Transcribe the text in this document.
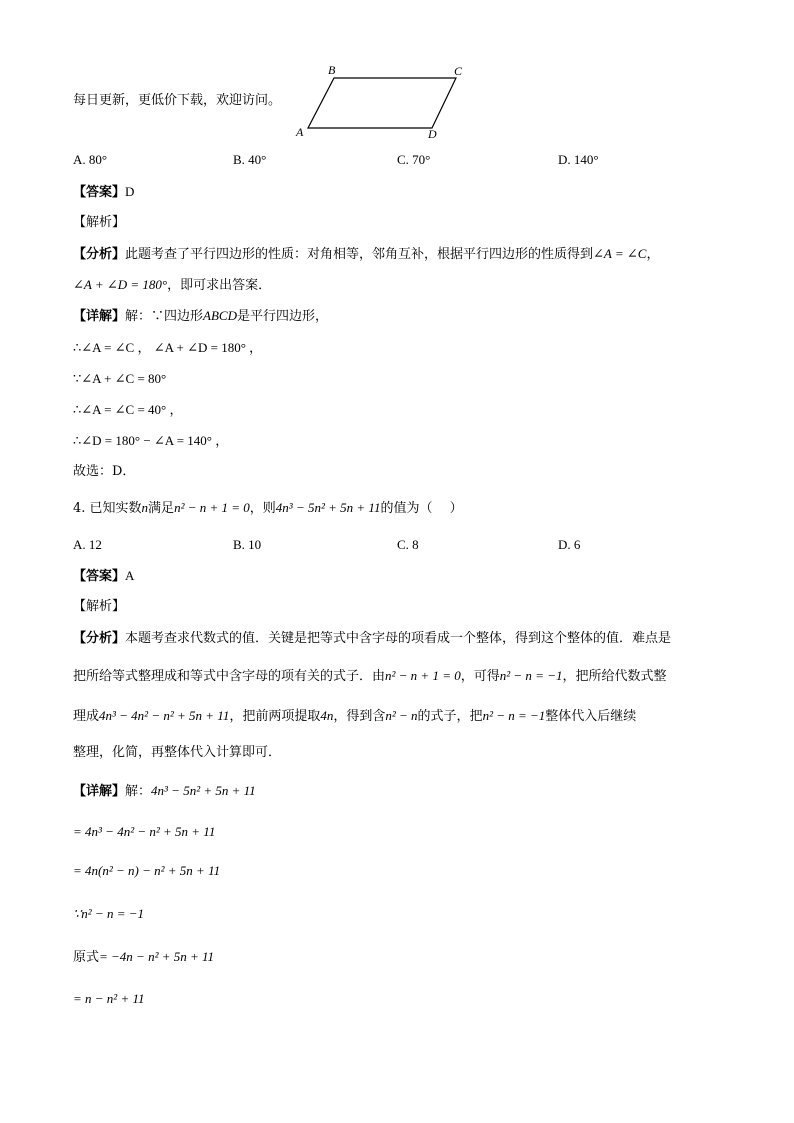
每日更新，更低价下载，欢迎访问。
B	C
A	D
A. 80°	B. 40°	C. 70°	D. 140°
【答案】D
【解析】
【分析】此题考查了平行四边形的性质：对角相等，邻角互补，根据平行四边形的性质得到∠A = ∠C，
∠A + ∠D = 180°，即可求出答案．
【详解】解：∵四边形ABCD是平行四边形，
∴∠A = ∠C ， ∠A + ∠D = 180° ，
∵∠A + ∠C = 80°
∴∠A = ∠C = 40° ，
∴∠D = 180° − ∠A = 140° ，
故选：D．
4. 已知实数n满足n² − n + 1 = 0，则4n³ − 5n² + 5n + 11的值为（　 ）
A. 12	B. 10	C. 8	D. 6
【答案】A
【解析】
【分析】本题考查求代数式的值．关键是把等式中含字母的项看成一个整体，得到这个整体的值．难点是
把所给等式整理成和等式中含字母的项有关的式子．由n² − n + 1 = 0，可得n² − n = −1，把所给代数式整
理成4n³ − 4n² − n² + 5n + 11，把前两项提取4n，得到含n² − n的式子，把n² − n = −1整体代入后继续
整理，化简，再整体代入计算即可．
【详解】解：4n³ − 5n² + 5n + 11
= 4n³ − 4n² − n² + 5n + 11
= 4n(n² − n) − n² + 5n + 11
∵n² − n = −1
原式= −4n − n² + 5n + 11
= n − n² + 11
